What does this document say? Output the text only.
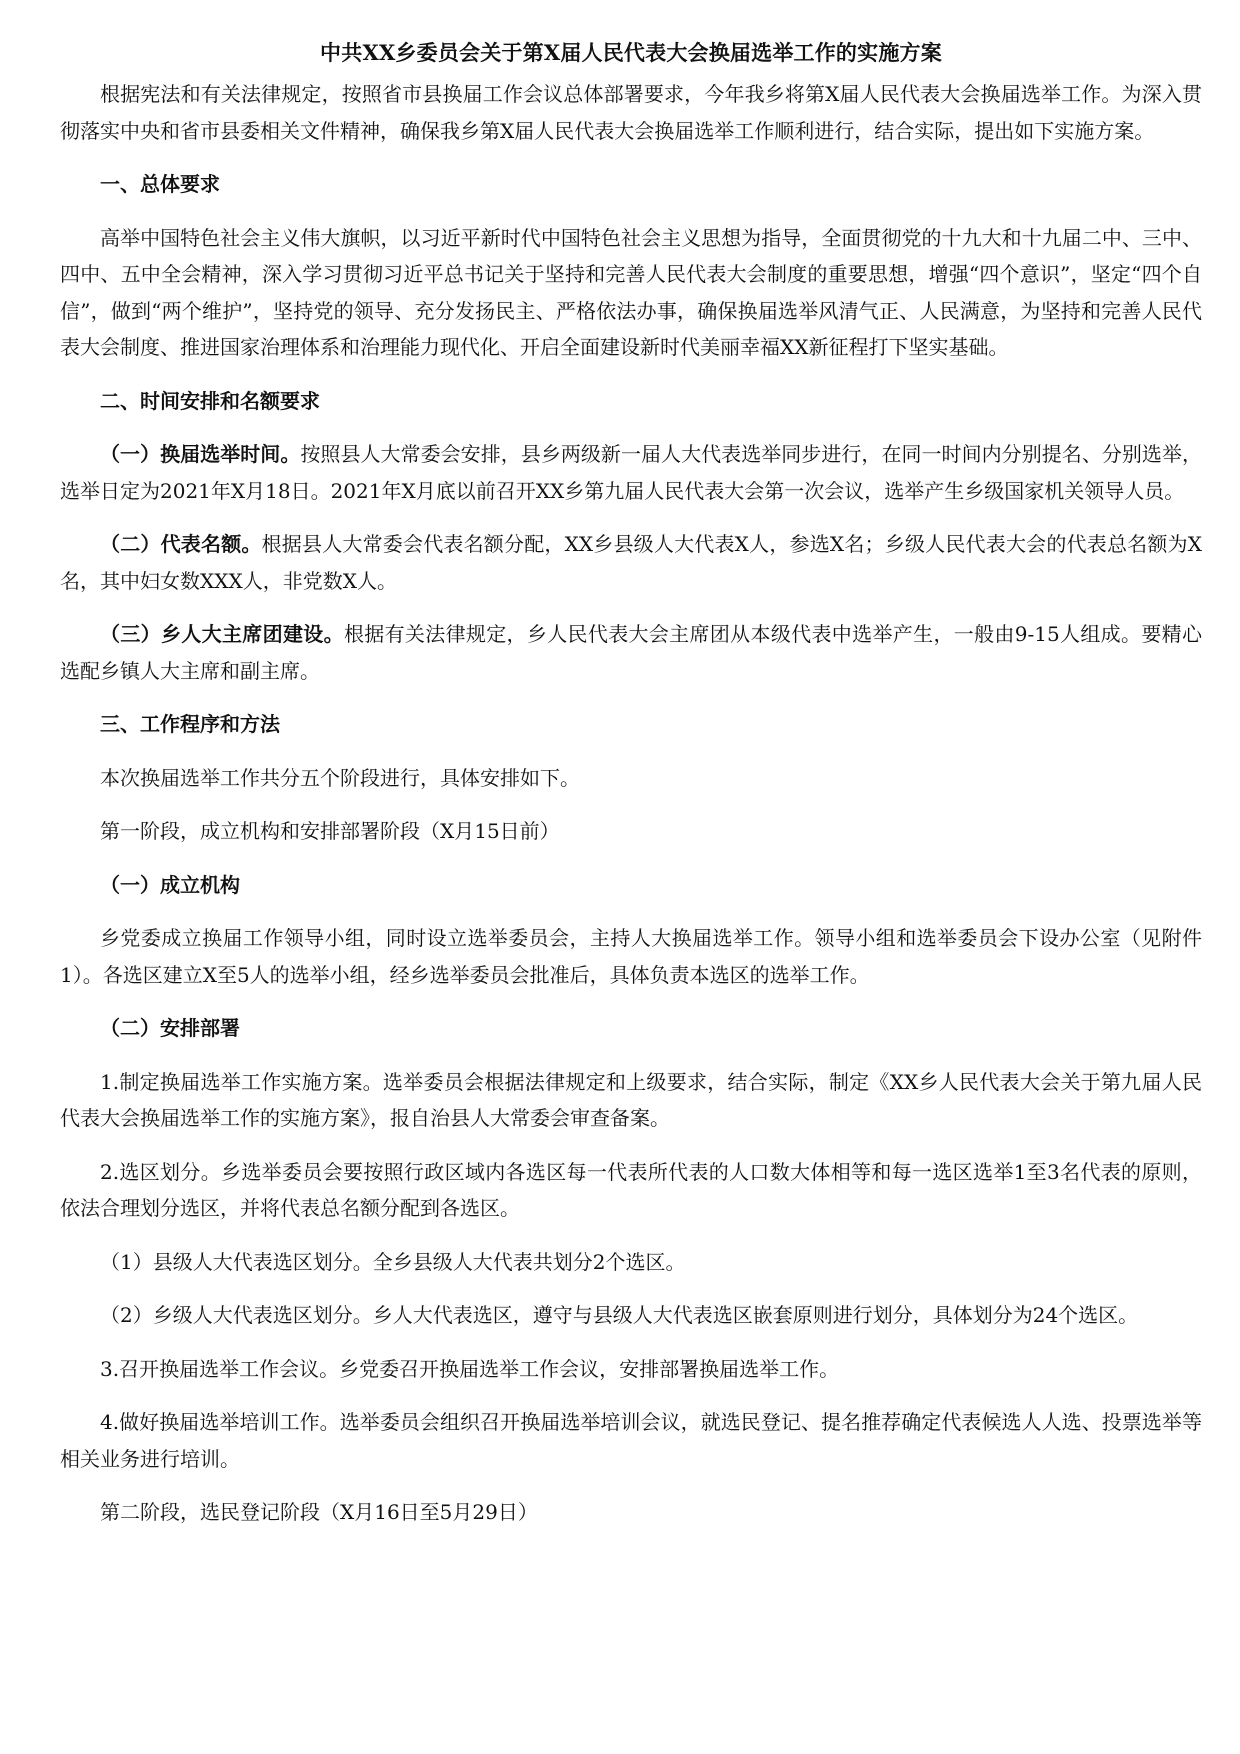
中共XX乡委员会关于第X届人民代表大会换届选举工作的实施方案

根据宪法和有关法律规定，按照省市县换届工作会议总体部署要求，今年我乡将第X届人民代表大会换届选举工作。为深入贯彻落实中央和省市县委相关文件精神，确保我乡第X届人民代表大会换届选举工作顺利进行，结合实际，提出如下实施方案。

一、总体要求

高举中国特色社会主义伟大旗帜，以习近平新时代中国特色社会主义思想为指导，全面贯彻党的十九大和十九届二中、三中、四中、五中全会精神，深入学习贯彻习近平总书记关于坚持和完善人民代表大会制度的重要思想，增强“四个意识”，坚定“四个自信”，做到“两个维护”，坚持党的领导、充分发扬民主、严格依法办事，确保换届选举风清气正、人民满意，为坚持和完善人民代表大会制度、推进国家治理体系和治理能力现代化、开启全面建设新时代美丽幸福XX新征程打下坚实基础。

二、时间安排和名额要求

（一）换届选举时间。按照县人大常委会安排，县乡两级新一届人大代表选举同步进行，在同一时间内分别提名、分别选举，选举日定为2021年X月18日。2021年X月底以前召开XX乡第九届人民代表大会第一次会议，选举产生乡级国家机关领导人员。

（二）代表名额。根据县人大常委会代表名额分配，XX乡县级人大代表X人，参选X名；乡级人民代表大会的代表总名额为X名，其中妇女数XXX人，非党数X人。

（三）乡人大主席团建设。根据有关法律规定，乡人民代表大会主席团从本级代表中选举产生，一般由9-15人组成。要精心选配乡镇人大主席和副主席。

三、工作程序和方法

本次换届选举工作共分五个阶段进行，具体安排如下。

第一阶段，成立机构和安排部署阶段（X月15日前）

（一）成立机构

乡党委成立换届工作领导小组，同时设立选举委员会，主持人大换届选举工作。领导小组和选举委员会下设办公室（见附件1）。各选区建立X至5人的选举小组，经乡选举委员会批准后，具体负责本选区的选举工作。

（二）安排部署

1.制定换届选举工作实施方案。选举委员会根据法律规定和上级要求，结合实际，制定《XX乡人民代表大会关于第九届人民代表大会换届选举工作的实施方案》，报自治县人大常委会审查备案。

2.选区划分。乡选举委员会要按照行政区域内各选区每一代表所代表的人口数大体相等和每一选区选举1至3名代表的原则，依法合理划分选区，并将代表总名额分配到各选区。

（1）县级人大代表选区划分。全乡县级人大代表共划分2个选区。

（2）乡级人大代表选区划分。乡人大代表选区，遵守与县级人大代表选区嵌套原则进行划分，具体划分为24个选区。

3.召开换届选举工作会议。乡党委召开换届选举工作会议，安排部署换届选举工作。

4.做好换届选举培训工作。选举委员会组织召开换届选举培训会议，就选民登记、提名推荐确定代表候选人人选、投票选举等相关业务进行培训。

第二阶段，选民登记阶段（X月16日至5月29日）
